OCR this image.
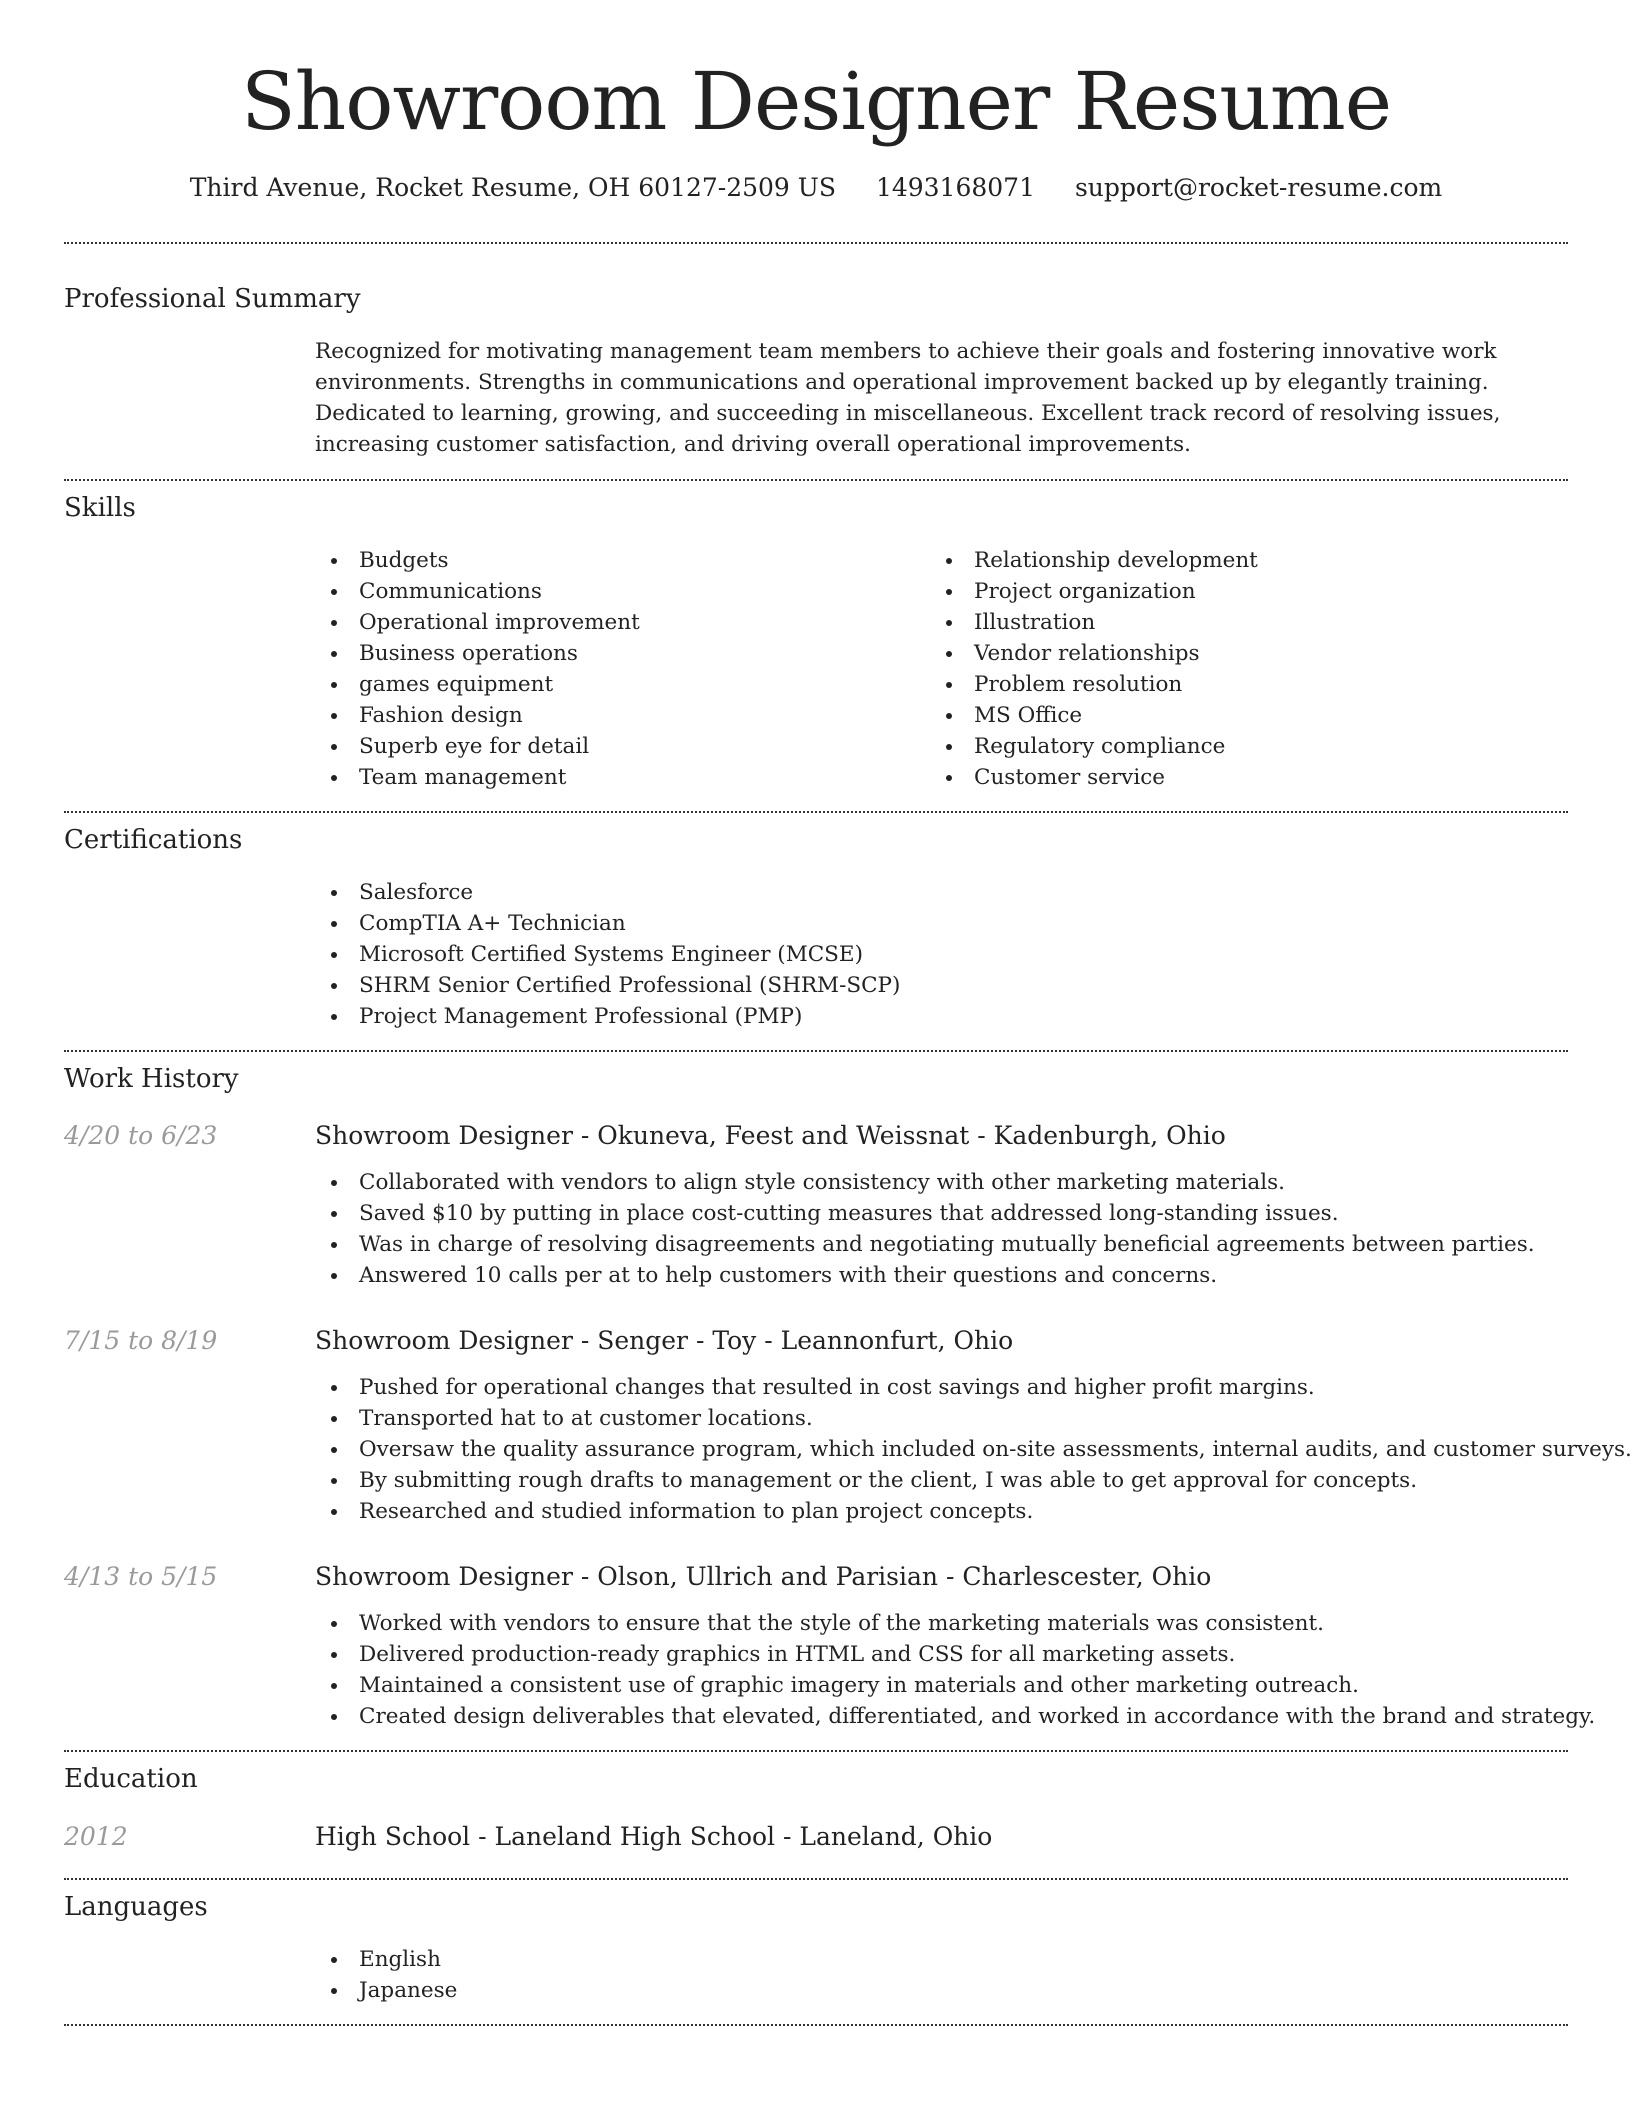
Showroom Designer Resume
Third Avenue, Rocket Resume, OH 60127-2509 US 1493168071 support@rocket-resume.com
Professional Summary

Recognized for motivating management team members to achieve their goals and fostering innovative work environments. Strengths in communications and operational improvement backed up by elegantly training. Dedicated to learning, growing, and succeeding in miscellaneous. Excellent track record of resolving issues, increasing customer satisfaction, and driving overall operational improvements.

Skills
Budgets
Communications
Operational improvement
Business operations
games equipment
Fashion design
Superb eye for detail
Team management
Relationship development
Project organization
Illustration
Vendor relationships
Problem resolution
MS Office
Regulatory compliance
Customer service
Certifications
Salesforce
CompTIA A+ Technician
Microsoft Certified Systems Engineer (MCSE)
SHRM Senior Certified Professional (SHRM-SCP)
Project Management Professional (PMP)
Work History
4/20 to 6/23	Showroom Designer - Okuneva, Feest and Weissnat - Kadenburgh, Ohio
Collaborated with vendors to align style consistency with other marketing materials.
Saved $10 by putting in place cost-cutting measures that addressed long-standing issues.
Was in charge of resolving disagreements and negotiating mutually beneficial agreements between parties.
Answered 10 calls per at to help customers with their questions and concerns.
7/15 to 8/19	Showroom Designer - Senger - Toy - Leannonfurt, Ohio
Pushed for operational changes that resulted in cost savings and higher profit margins.
Transported hat to at customer locations.
Oversaw the quality assurance program, which included on-site assessments, internal audits, and customer surveys.
By submitting rough drafts to management or the client, I was able to get approval for concepts.
Researched and studied information to plan project concepts.
4/13 to 5/15	Showroom Designer - Olson, Ullrich and Parisian - Charlescester, Ohio
Worked with vendors to ensure that the style of the marketing materials was consistent.
Delivered production-ready graphics in HTML and CSS for all marketing assets.
Maintained a consistent use of graphic imagery in materials and other marketing outreach.
Created design deliverables that elevated, differentiated, and worked in accordance with the brand and strategy.
Education
2012	High School - Laneland High School - Laneland, Ohio
Languages
English
Japanese
